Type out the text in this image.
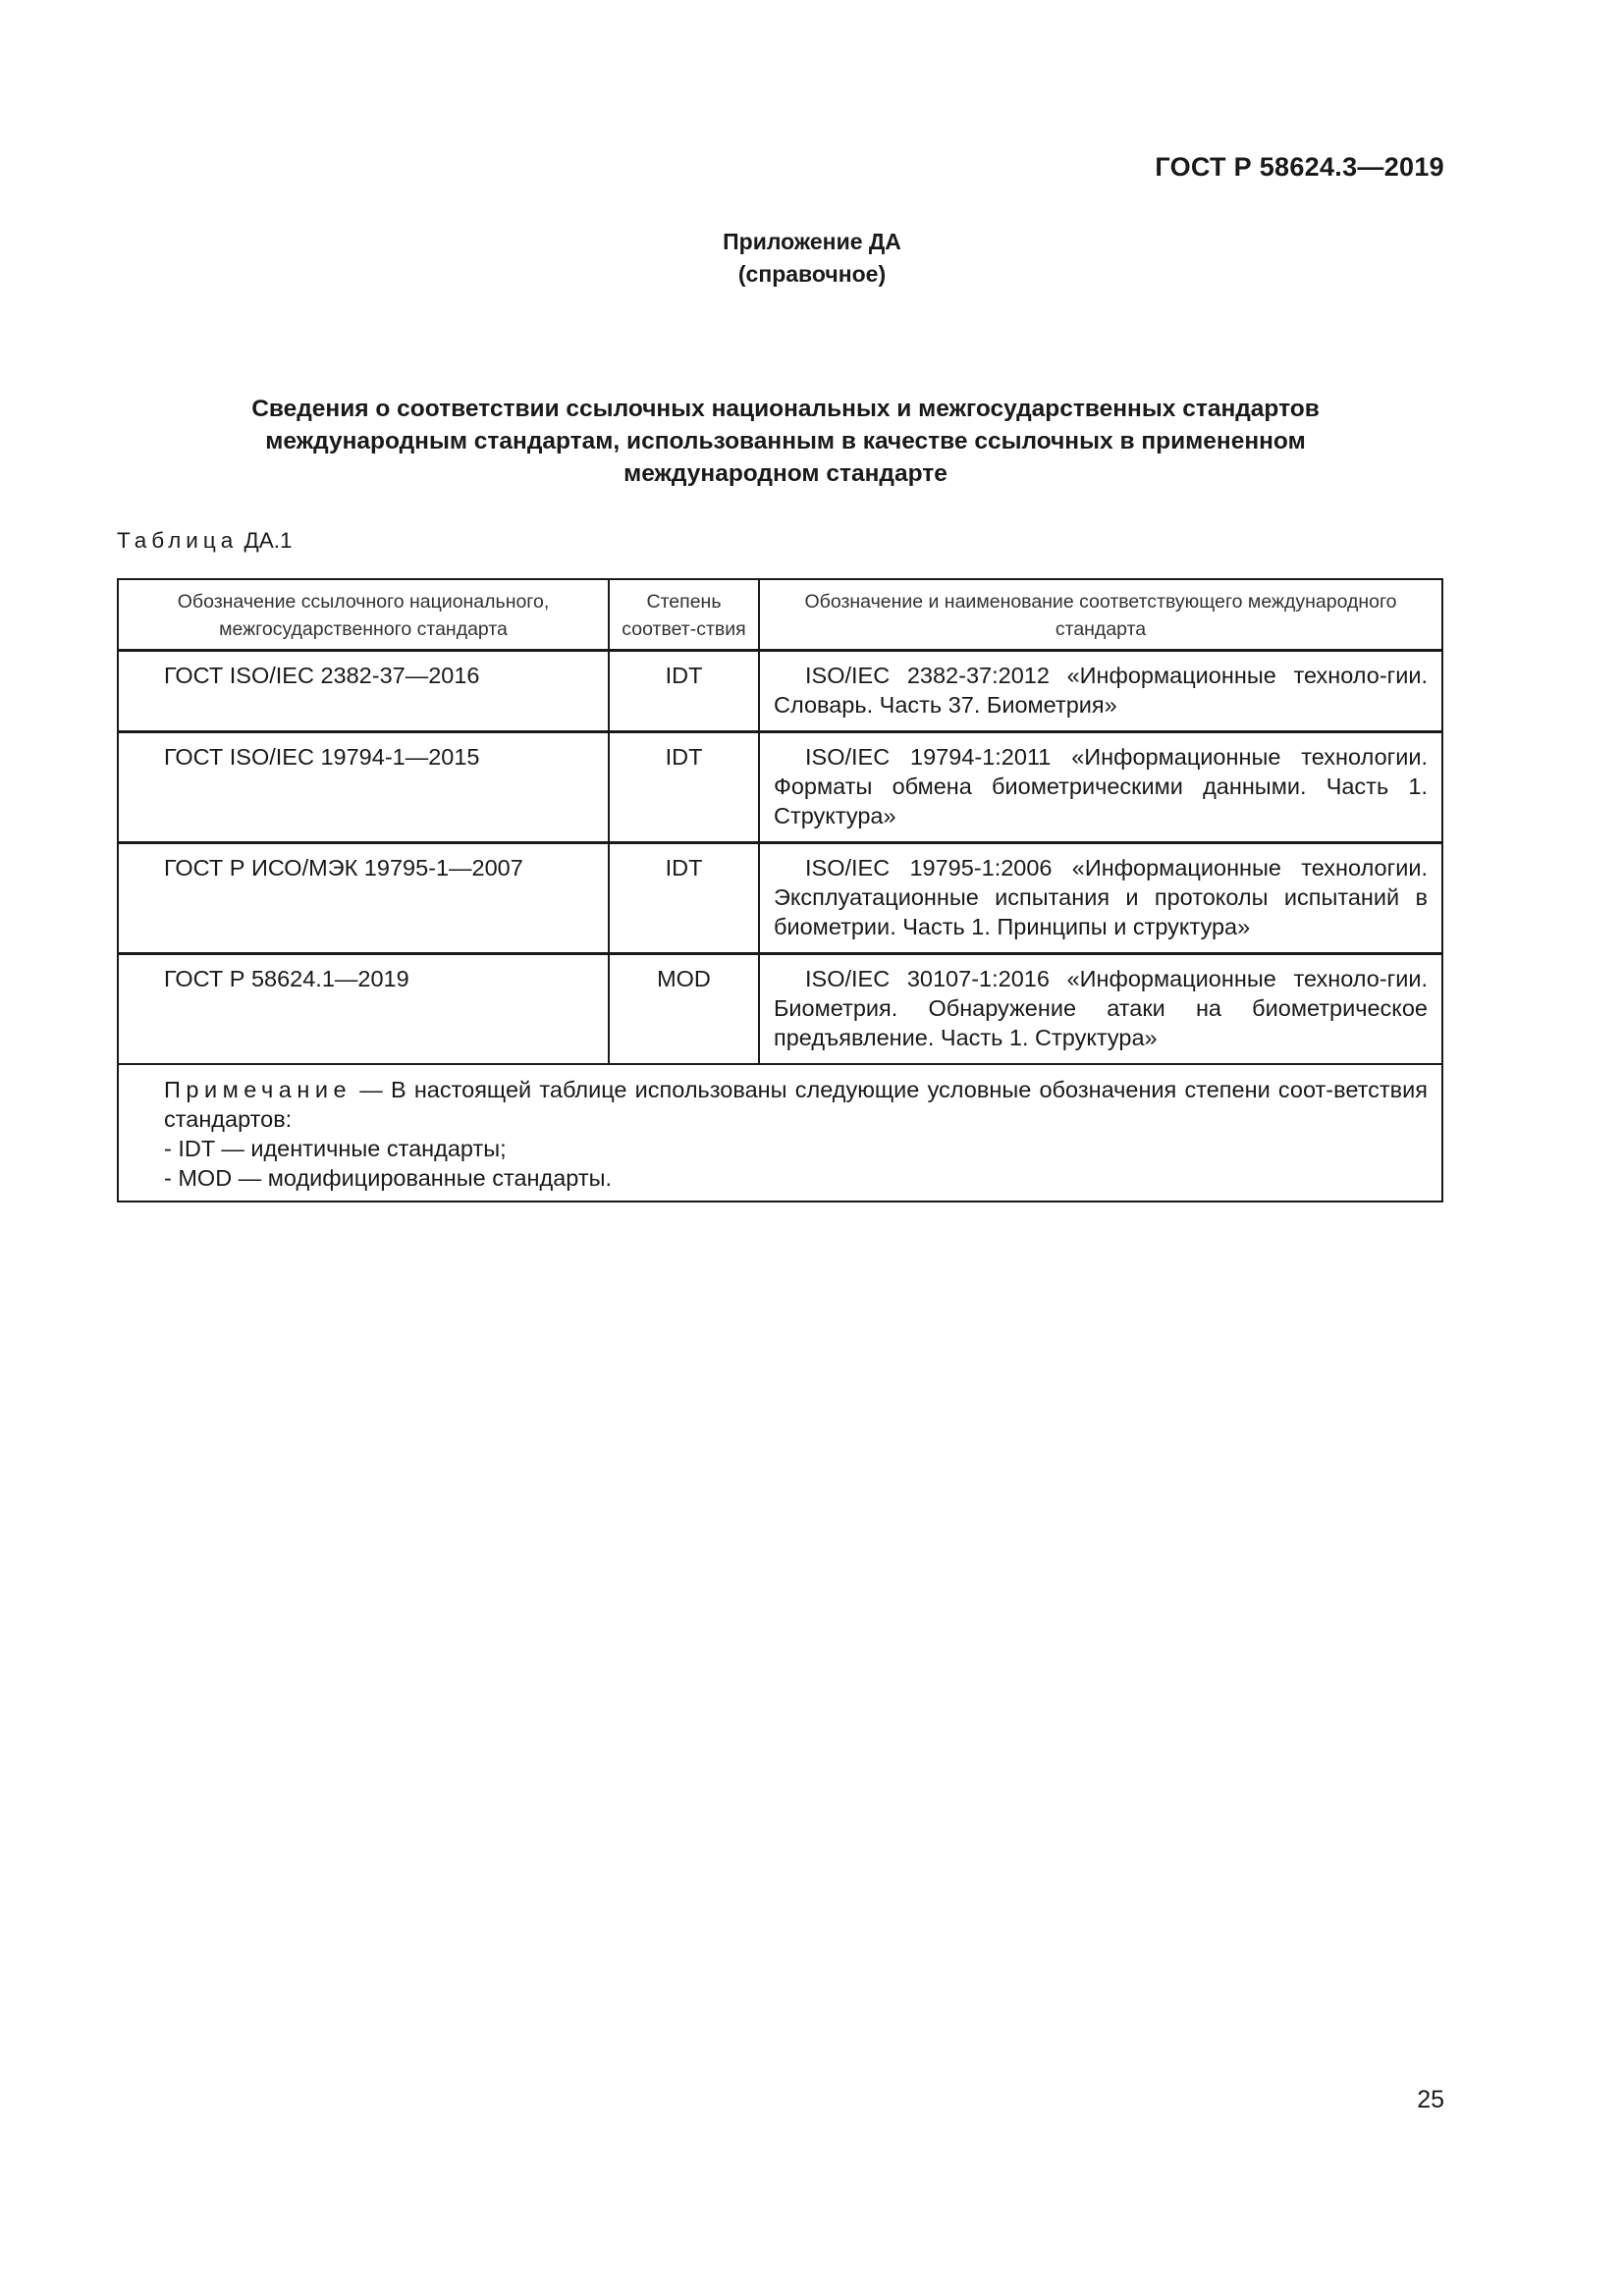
ГОСТ Р 58624.3—2019
Приложение ДА
(справочное)
Сведения о соответствии ссылочных национальных и межгосударственных стандартов
международным стандартам, использованным в качестве ссылочных в примененном
международном стандарте
Таблица ДА.1
Обозначение ссылочного национального, межгосударственного стандарта	Степень соответ-ствия	Обозначение и наименование соответствующего международного стандарта
ГОСТ ISO/IEC 2382-37—2016	IDT	ISO/IEC 2382-37:2012 «Информационные техноло-гии. Словарь. Часть 37. Биометрия»
ГОСТ ISO/IEC 19794-1—2015	IDT	ISO/IEC 19794-1:2011 «Информационные технологии. Форматы обмена биометрическими данными. Часть 1. Структура»
ГОСТ Р ИСО/МЭК 19795-1—2007	IDT	ISO/IEC 19795-1:2006 «Информационные технологии. Эксплуатационные испытания и протоколы испытаний в биометрии. Часть 1. Принципы и структура»
ГОСТ Р 58624.1—2019	MOD	ISO/IEC 30107-1:2016 «Информационные техноло-гии. Биометрия. Обнаружение атаки на биометрическое предъявление. Часть 1. Структура»

Примечание — В настоящей таблице использованы следующие условные обозначения степени соот-ветствия стандартов:
- IDT — идентичные стандарты;
- MOD — модифицированные стандарты.		
25
